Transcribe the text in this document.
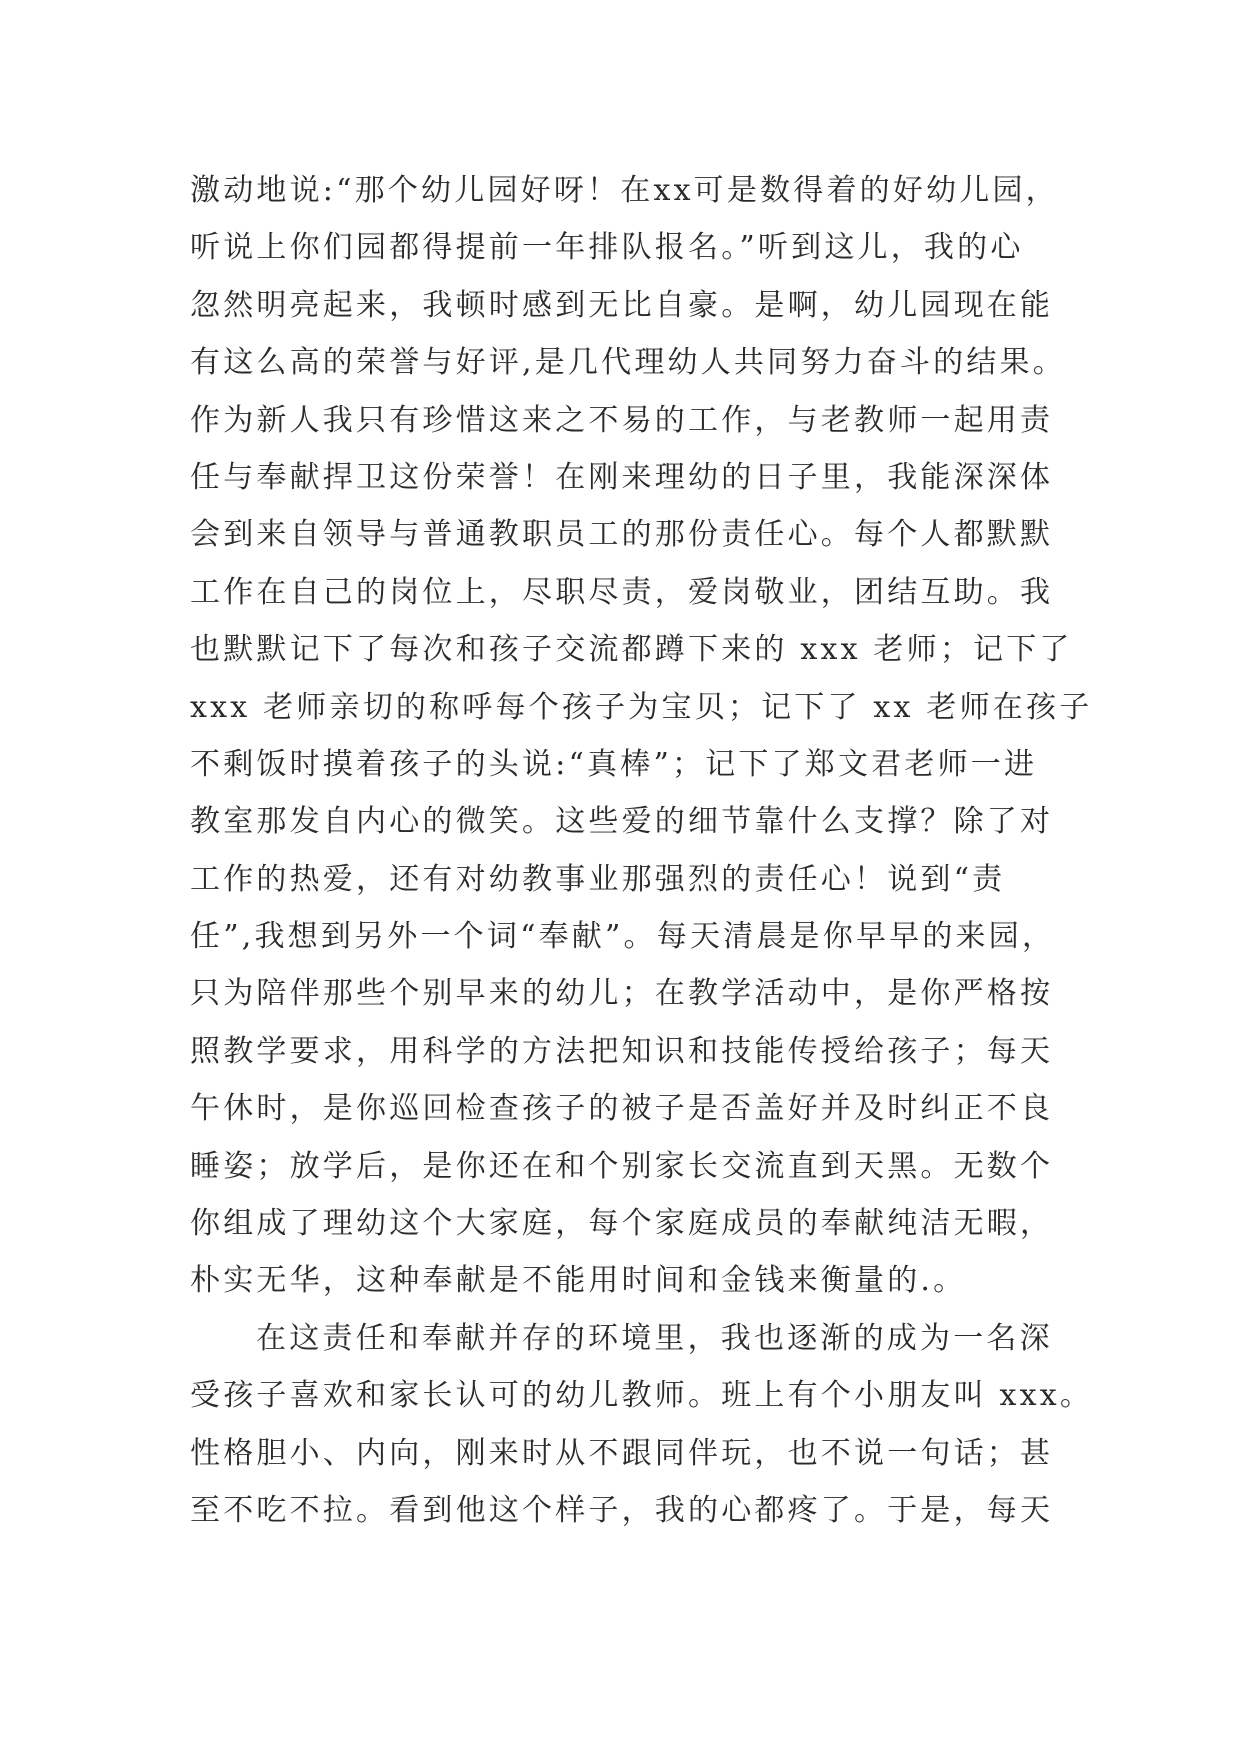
激动地说:“那个幼儿园好呀！在xx可是数得着的好幼儿园，
听说上你们园都得提前一年排队报名。”听到这儿，我的心
忽然明亮起来，我顿时感到无比自豪。是啊，幼儿园现在能
有这么高的荣誉与好评,是几代理幼人共同努力奋斗的结果。
作为新人我只有珍惜这来之不易的工作，与老教师一起用责
任与奉献捍卫这份荣誉！在刚来理幼的日子里，我能深深体
会到来自领导与普通教职员工的那份责任心。每个人都默默
工作在自己的岗位上，尽职尽责，爱岗敬业，团结互助。我
也默默记下了每次和孩子交流都蹲下来的 xxx 老师；记下了
xxx 老师亲切的称呼每个孩子为宝贝；记下了 xx 老师在孩子
不剩饭时摸着孩子的头说:“真棒”；记下了郑文君老师一进
教室那发自内心的微笑。这些爱的细节靠什么支撑？除了对
工作的热爱，还有对幼教事业那强烈的责任心！说到“责
任”,我想到另外一个词“奉献”。每天清晨是你早早的来园，
只为陪伴那些个别早来的幼儿；在教学活动中，是你严格按
照教学要求，用科学的方法把知识和技能传授给孩子；每天
午休时，是你巡回检查孩子的被子是否盖好并及时纠正不良
睡姿；放学后，是你还在和个别家长交流直到天黑。无数个
你组成了理幼这个大家庭，每个家庭成员的奉献纯洁无暇，
朴实无华，这种奉献是不能用时间和金钱来衡量的.。
在这责任和奉献并存的环境里，我也逐渐的成为一名深
受孩子喜欢和家长认可的幼儿教师。班上有个小朋友叫 xxx。
性格胆小、内向，刚来时从不跟同伴玩，也不说一句话；甚
至不吃不拉。看到他这个样子，我的心都疼了。于是，每天
